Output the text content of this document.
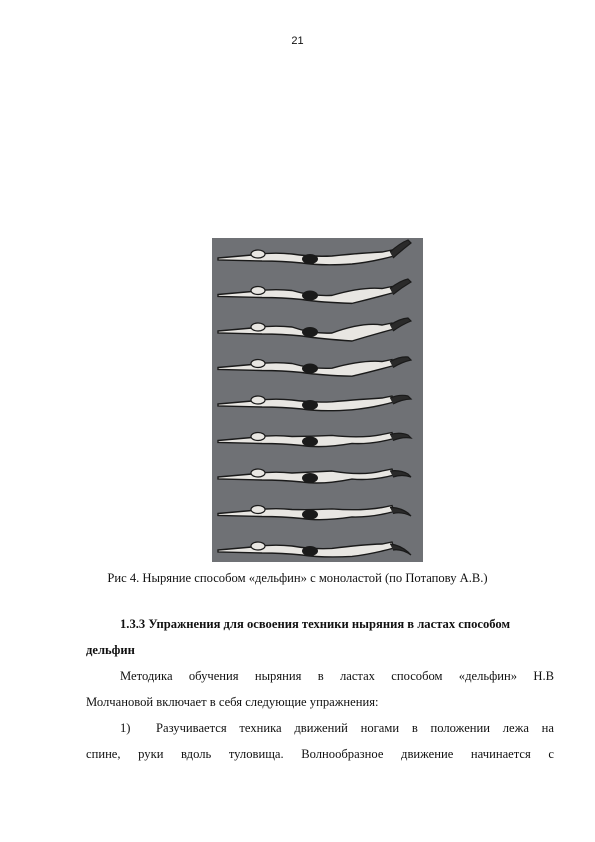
21
Рис 4. Ныряние способом «дельфин» с моноластой (по Потапову А.В.)
1.3.3 Упражнения для освоения техники ныряния в ластах способом
дельфин
Методика обучения ныряния в ластах способом «дельфин» Н.В
Молчановой включает в себя следующие упражнения:
1) Разучивается техника движений ногами в положении лежа на
спине, руки вдоль туловища. Волнообразное движение начинается с
